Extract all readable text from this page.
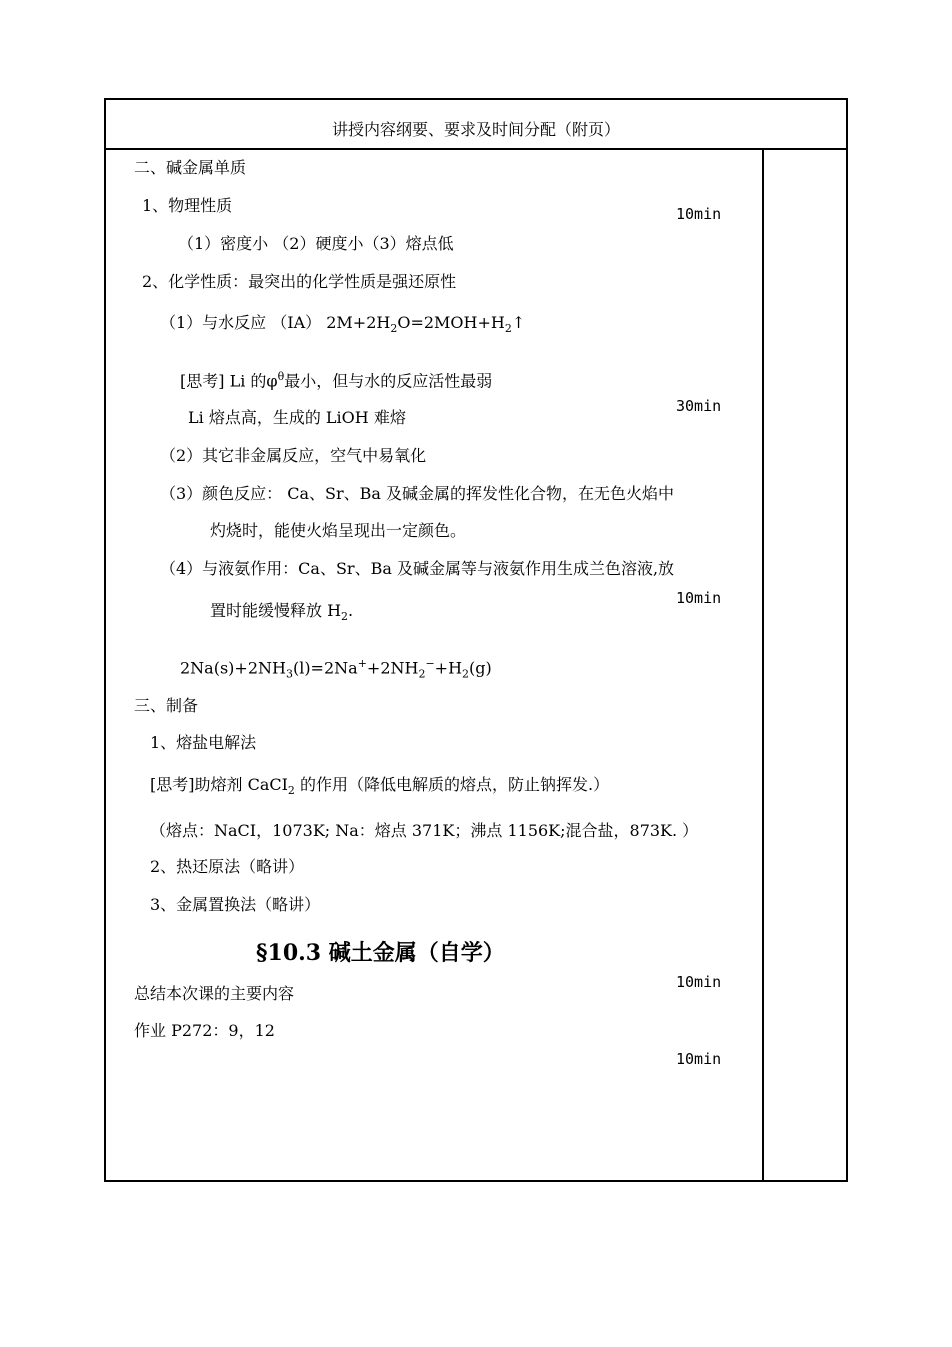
讲授内容纲要、要求及时间分配（附页）
二、碱金属单质
1、物理性质
（1）密度小 （2）硬度小（3）熔点低
2、化学性质：最突出的化学性质是强还原性
（1）与水反应 （ⅠA） $2M+2H_2O=2MOH+H_2↑$
[思考] Li 的$\varphi^\theta$最小，但与水的反应活性最弱
Li 熔点高，生成的 LiOH 难熔
（2）其它非金属反应，空气中易氧化
（3）颜色反应： Ca、Sr、Ba 及碱金属的挥发性化合物，在无色火焰中
灼烧时，能使火焰呈现出一定颜色。
（4）与液氨作用：Ca、Sr、Ba 及碱金属等与液氨作用生成兰色溶液,放
置时能缓慢释放 $H_2$.
$2Na(s)+2NH_3(l)=2Na^++2NH_2^-+H_2(g)$
三、制备
1、熔盐电解法
[思考]助熔剂 CaCI$_2$ 的作用（降低电解质的熔点，防止钠挥发.）
（熔点：NaCI，1073K; Na：熔点 371K；沸点 1156K;混合盐，873K. ）
2、热还原法（略讲）
3、金属置换法（略讲）
§10.3 碱土金属（自学）
总结本次课的主要内容
作业 P272：9，12
10min
30min
10min
10min
10min
